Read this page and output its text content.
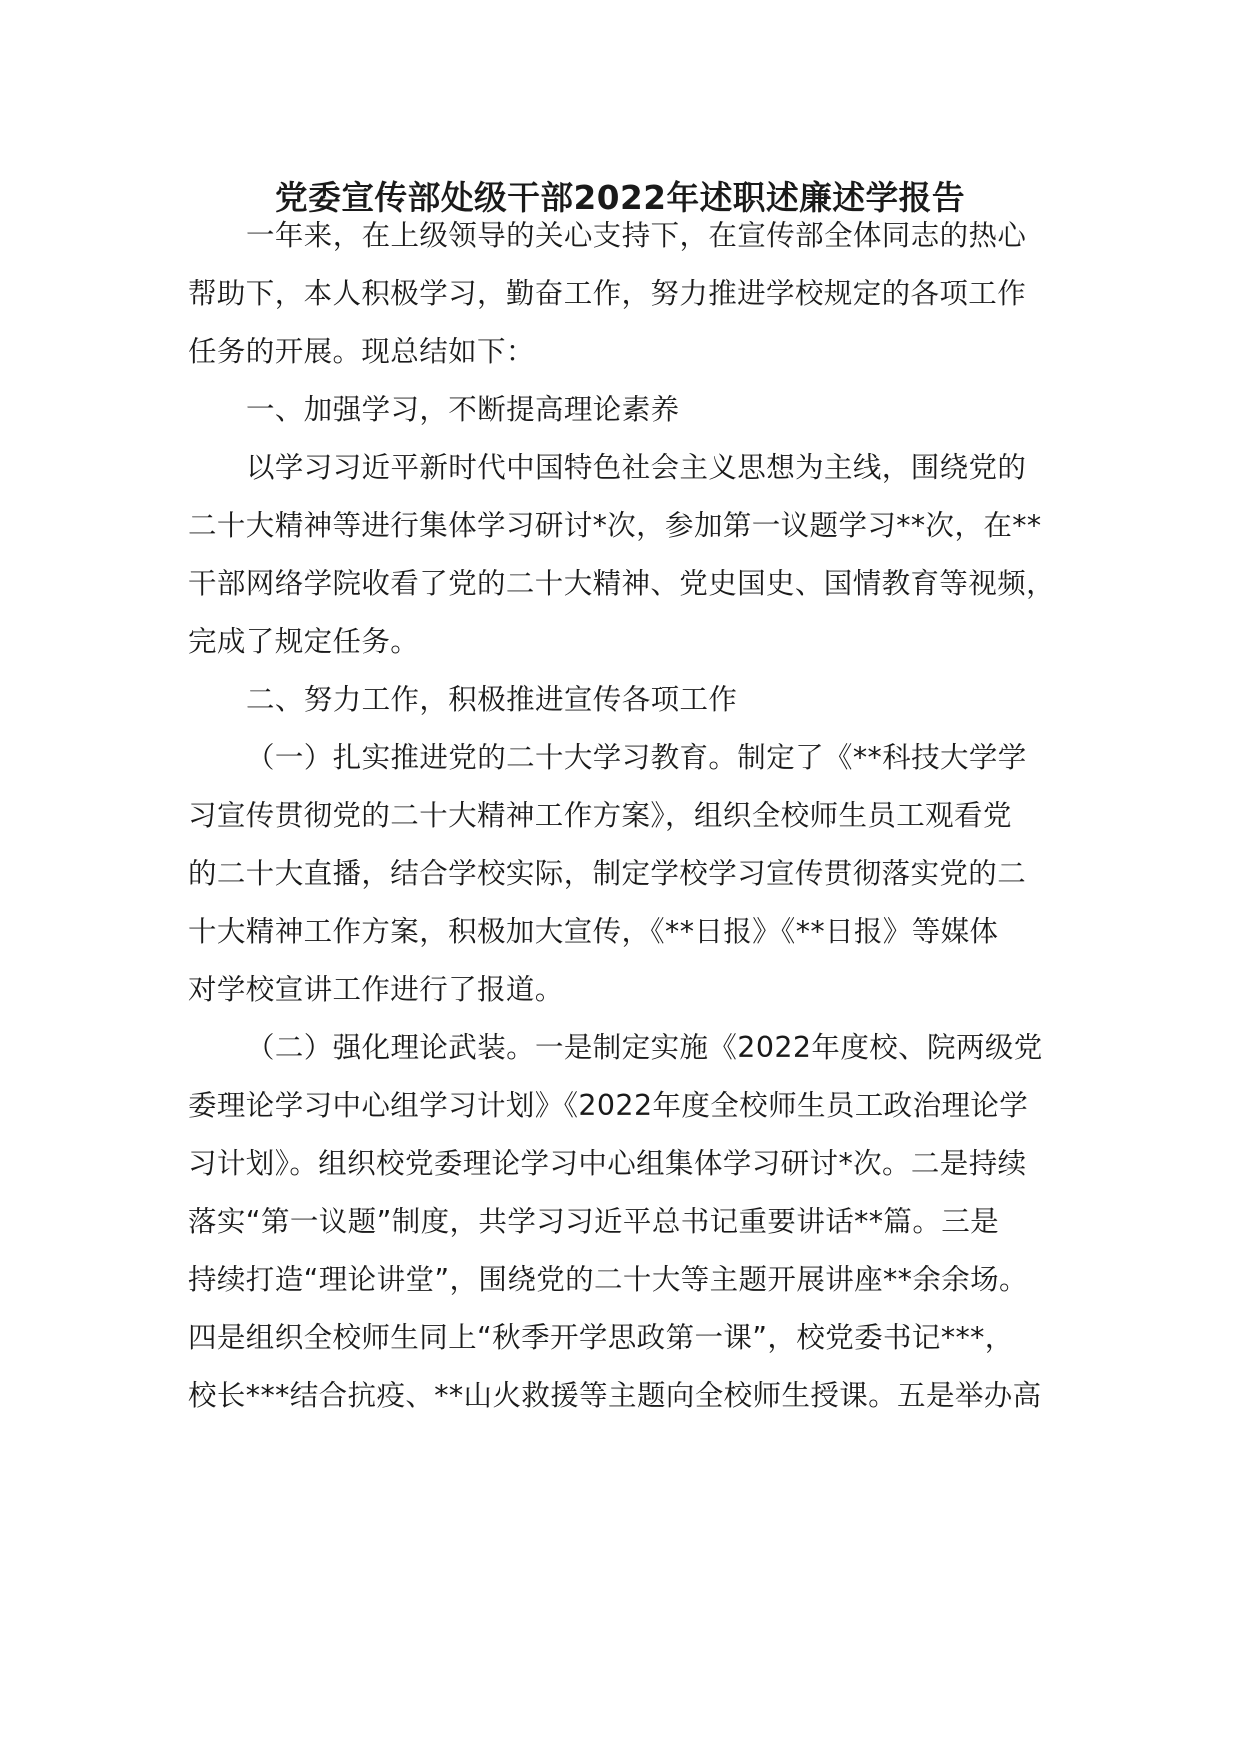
党委宣传部处级干部2022年述职述廉述学报告
一年来，在上级领导的关心支持下，在宣传部全体同志的热心
帮助下，本人积极学习，勤奋工作，努力推进学校规定的各项工作
任务的开展。现总结如下：
一、加强学习，不断提高理论素养
以学习习近平新时代中国特色社会主义思想为主线，围绕党的
二十大精神等进行集体学习研讨*次，参加第一议题学习**次，在**
干部网络学院收看了党的二十大精神、党史国史、国情教育等视频，
完成了规定任务。
二、努力工作，积极推进宣传各项工作
（一）扎实推进党的二十大学习教育。制定了《**科技大学学
习宣传贯彻党的二十大精神工作方案》，组织全校师生员工观看党
的二十大直播，结合学校实际，制定学校学习宣传贯彻落实党的二
十大精神工作方案，积极加大宣传，《**日报》《**日报》等媒体
对学校宣讲工作进行了报道。
（二）强化理论武装。一是制定实施《2022年度校、院两级党
委理论学习中心组学习计划》《2022年度全校师生员工政治理论学
习计划》。组织校党委理论学习中心组集体学习研讨*次。二是持续
落实“第一议题”制度，共学习习近平总书记重要讲话**篇。三是
持续打造“理论讲堂”，围绕党的二十大等主题开展讲座**余余场。
四是组织全校师生同上“秋季开学思政第一课”，校党委书记***，
校长***结合抗疫、**山火救援等主题向全校师生授课。五是举办高
